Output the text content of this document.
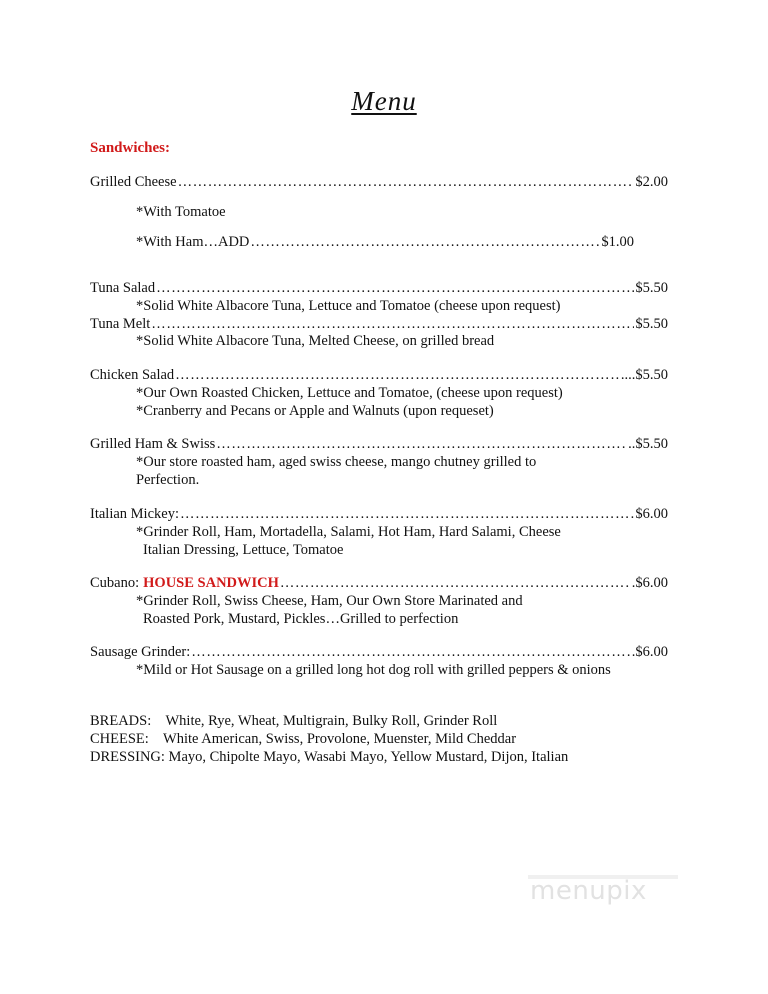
Menu
Sandwiches:
Grilled Cheese ……………………………………………………………………………………………………………………………………………………………	$2.00
*With Tomatoe
*With Ham…ADD ……………………………………………………………………………………………………………………………………………………………	$1.00
Tuna Salad ……………………………………………………………………………………………………………………………………………………………	$5.50
*Solid White Albacore Tuna, Lettuce and Tomatoe (cheese upon request)
Tuna Melt ……………………………………………………………………………………………………………………………………………………………	$5.50
*Solid White Albacore Tuna, Melted Cheese, on grilled bread
Chicken Salad ……………………………………………………………………………………………………………………………………………………………	....$5.50
*Our Own Roasted Chicken, Lettuce and Tomatoe, (cheese upon request)
*Cranberry and Pecans or Apple and Walnuts (upon requeset)
Grilled Ham & Swiss ……………………………………………………………………………………………………………………………………………………………	..$5.50
*Our store roasted ham, aged swiss cheese, mango chutney grilled to
Perfection.
Italian Mickey: ……………………………………………………………………………………………………………………………………………………………	$6.00
*Grinder Roll, Ham, Mortadella, Salami, Hot Ham, Hard Salami, Cheese
Italian Dressing, Lettuce, Tomatoe
Cubano: HOUSE SANDWICH ……………………………………………………………………………………………………………………………………………………………	.$6.00
*Grinder Roll, Swiss Cheese, Ham, Our Own Store Marinated and
Roasted Pork, Mustard, Pickles…Grilled to perfection
Sausage Grinder: ……………………………………………………………………………………………………………………………………………………………	.$6.00
*Mild or Hot Sausage on a grilled long hot dog roll with grilled peppers & onions
BREADS:    White, Rye, Wheat, Multigrain, Bulky Roll, Grinder Roll
CHEESE:    White American, Swiss, Provolone, Muenster, Mild Cheddar
DRESSING: Mayo, Chipolte Mayo, Wasabi Mayo, Yellow Mustard, Dijon, Italian
menupix
